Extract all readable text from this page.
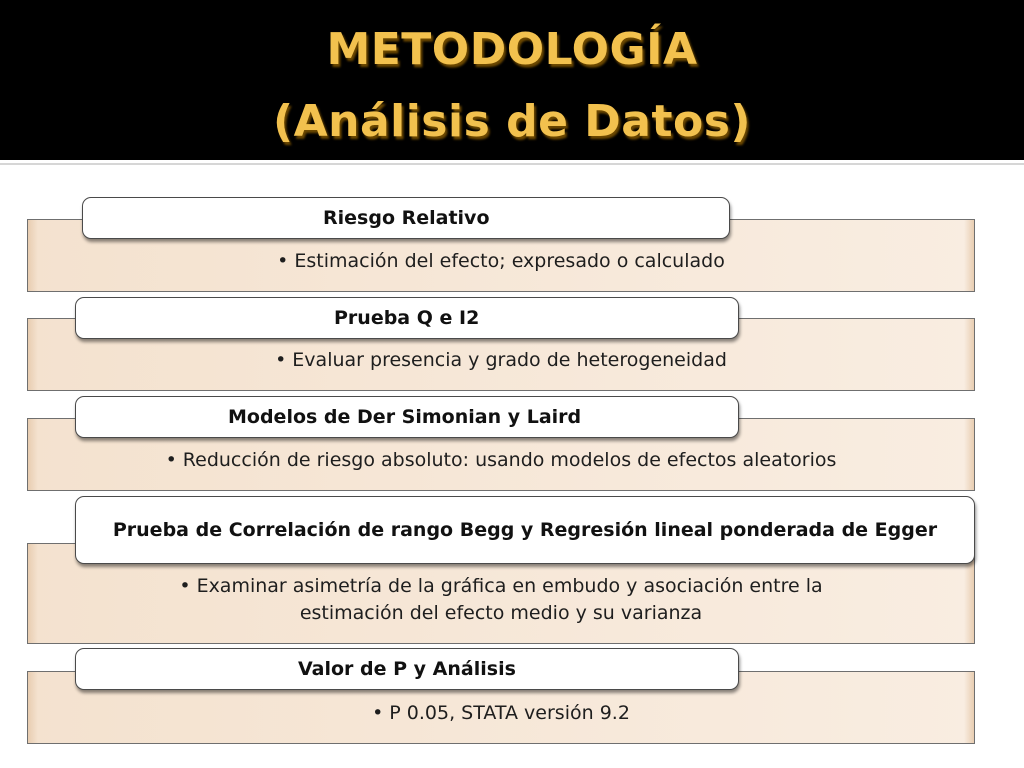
METODOLOGÍA
(Análisis de Datos)
• Estimación del efecto; expresado o calculado
Riesgo Relativo
• Evaluar presencia y grado de heterogeneidad
Prueba Q e I2
• Reducción de riesgo absoluto: usando modelos de efectos aleatorios
Modelos de Der Simonian y Laird
• Examinar asimetría de la gráfica en embudo y asociación entre la
estimación del efecto medio y su varianza
Prueba de Correlación de rango Begg y Regresión lineal ponderada de Egger
• P 0.05, STATA versión 9.2
Valor de P y Análisis
